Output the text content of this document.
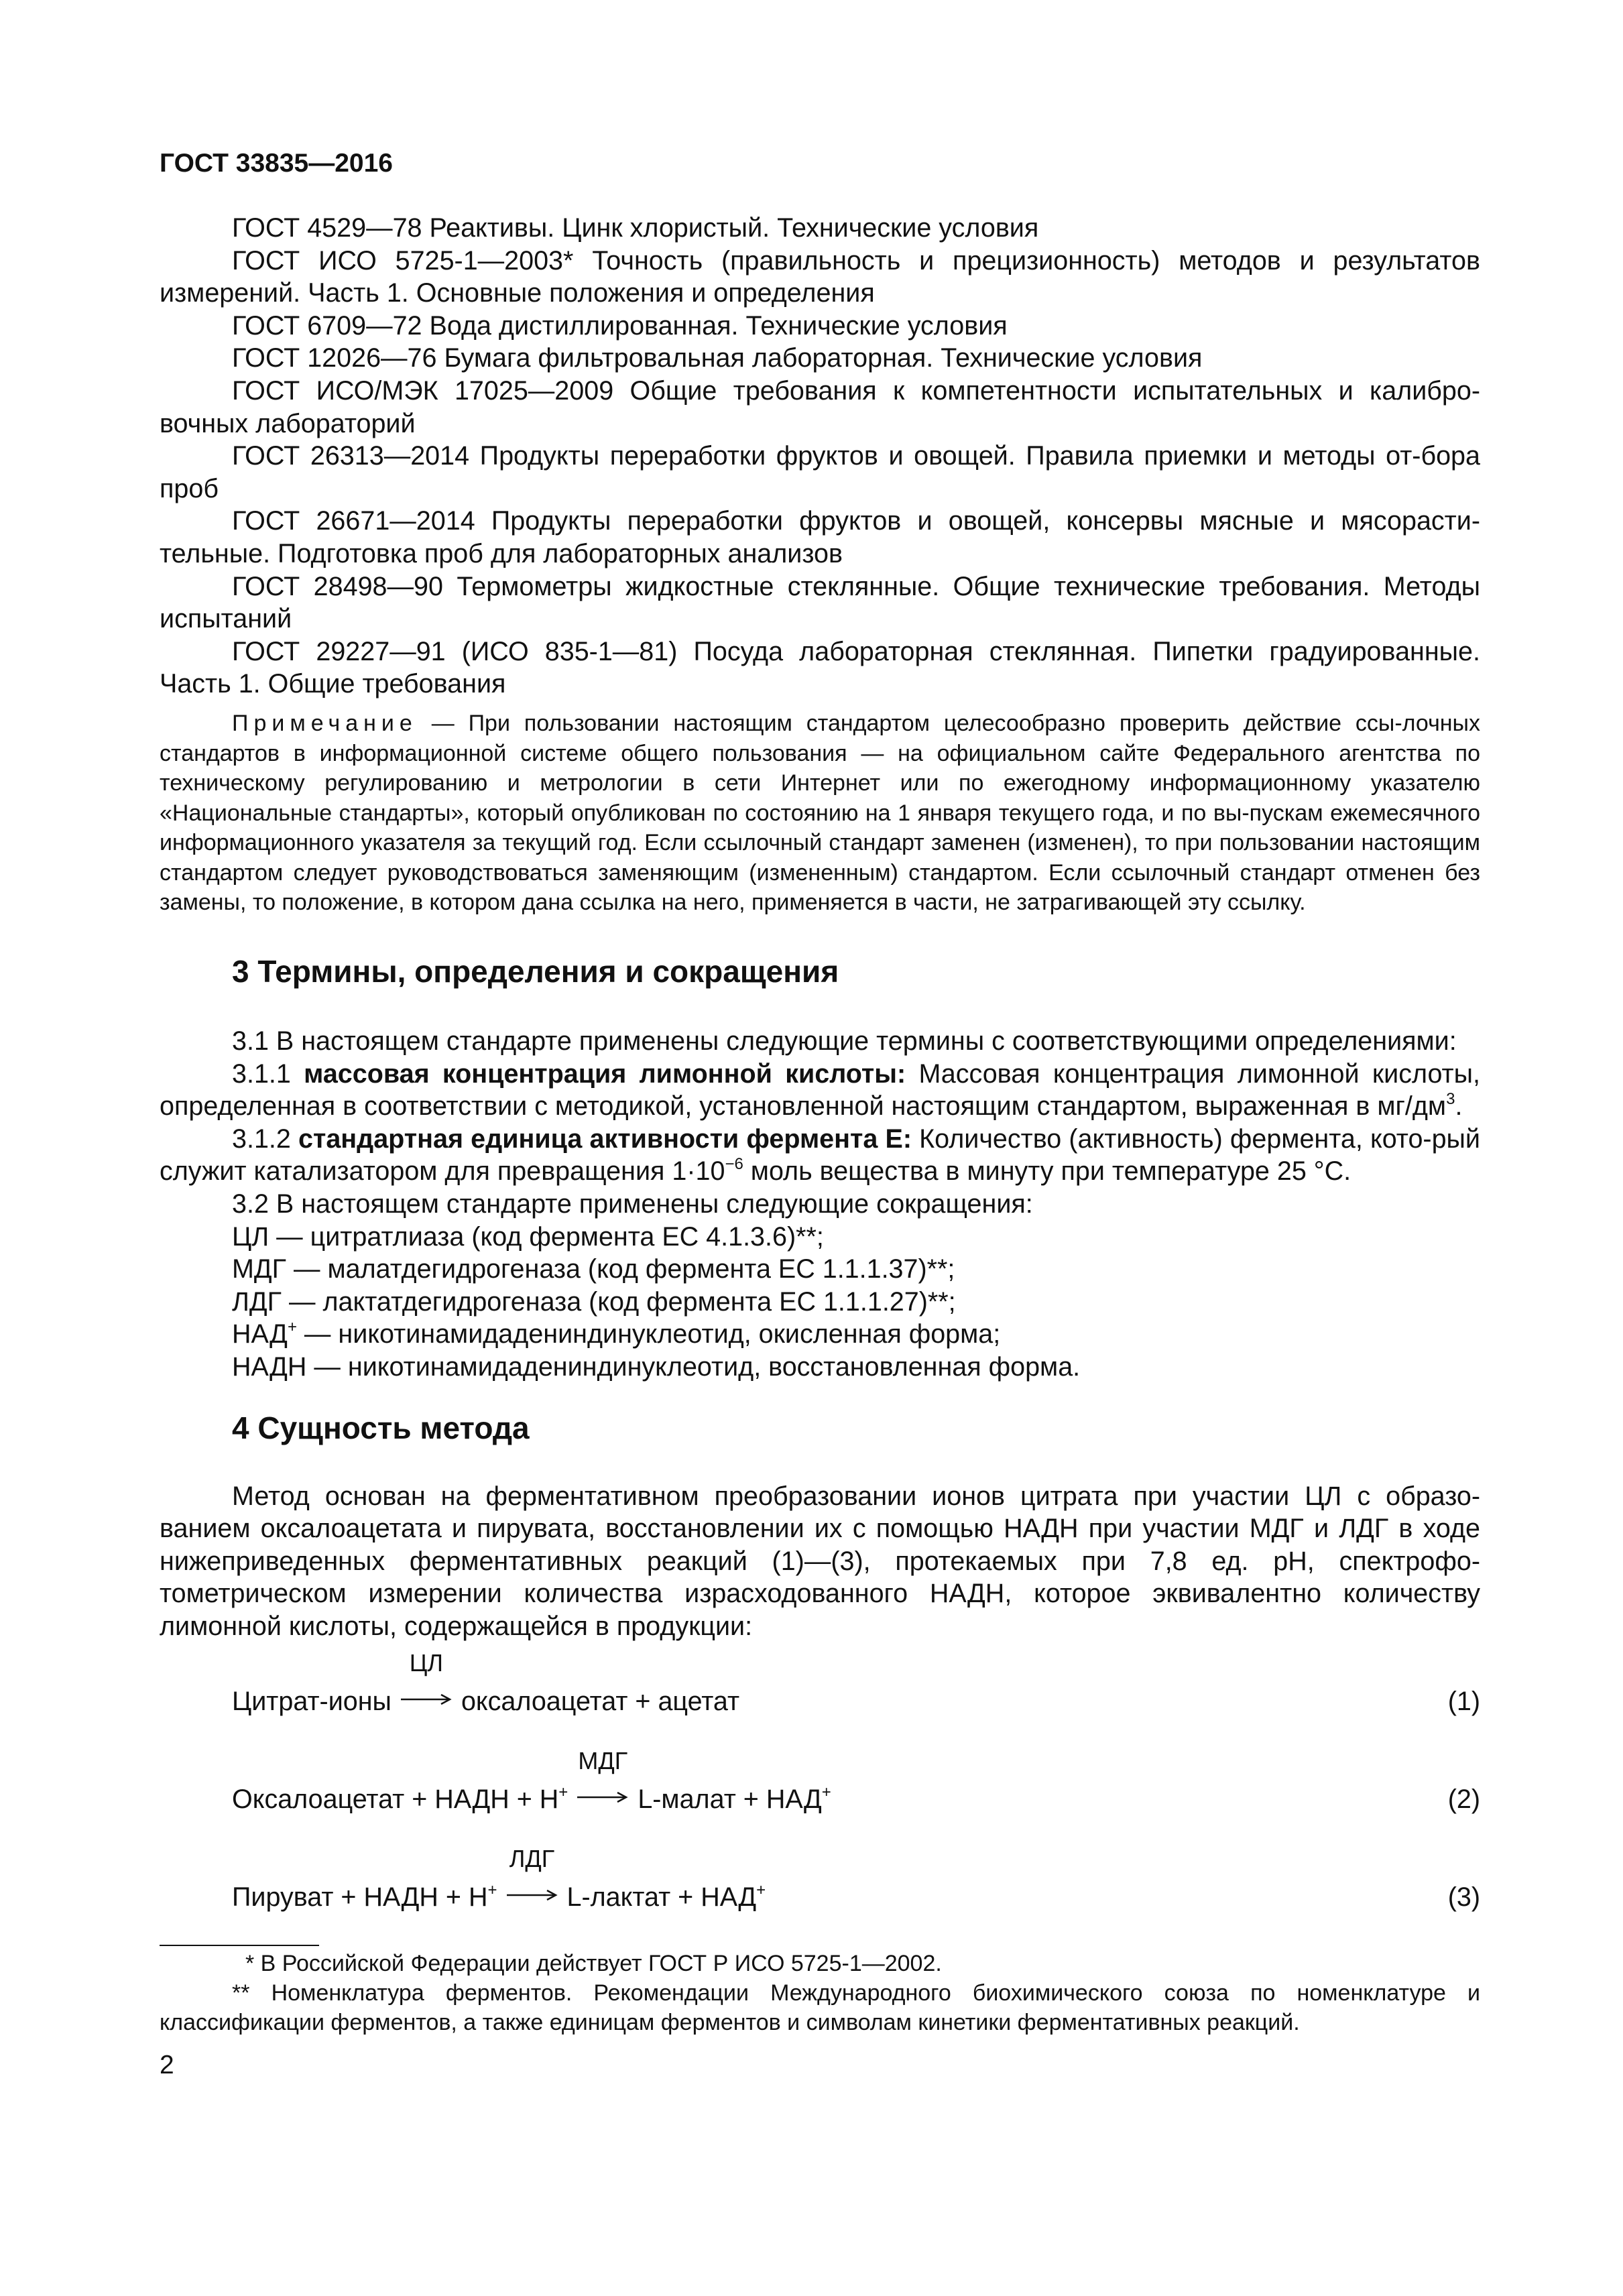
ГОСТ 33835—2016

ГОСТ 4529—78 Реактивы. Цинк хлористый. Технические условия

ГОСТ ИСО 5725-1—2003* Точность (правильность и прецизионность) методов и результатов измерений. Часть 1. Основные положения и определения

ГОСТ 6709—72 Вода дистиллированная. Технические условия

ГОСТ 12026—76 Бумага фильтровальная лабораторная. Технические условия

ГОСТ ИСО/МЭК 17025—2009 Общие требования к компетентности испытательных и калибро-вочных лабораторий

ГОСТ 26313—2014 Продукты переработки фруктов и овощей. Правила приемки и методы от-бора проб

ГОСТ 26671—2014 Продукты переработки фруктов и овощей, консервы мясные и мясорасти-тельные. Подготовка проб для лабораторных анализов

ГОСТ 28498—90 Термометры жидкостные стеклянные. Общие технические требования. Методы испытаний

ГОСТ 29227—91 (ИСО 835-1—81) Посуда лабораторная стеклянная. Пипетки градуированные. Часть 1. Общие требования

Примечание — При пользовании настоящим стандартом целесообразно проверить действие ссы-лочных стандартов в информационной системе общего пользования — на официальном сайте Федерального агентства по техническому регулированию и метрологии в сети Интернет или по ежегодному информационному указателю «Национальные стандарты», который опубликован по состоянию на 1 января текущего года, и по вы-пускам ежемесячного информационного указателя за текущий год. Если ссылочный стандарт заменен (изменен), то при пользовании настоящим стандартом следует руководствоваться заменяющим (измененным) стандартом. Если ссылочный стандарт отменен без замены, то положение, в котором дана ссылка на него, применяется в части, не затрагивающей эту ссылку.

3 Термины, определения и сокращения

3.1 В настоящем стандарте применены следующие термины с соответствующими определениями:

3.1.1 массовая концентрация лимонной кислоты: Массовая концентрация лимонной кислоты, определенная в соответствии с методикой, установленной настоящим стандартом, выраженная в $мг/дм^3$.

3.1.2 стандартная единица активности фермента E: Количество (активность) фермента, кото-рый служит катализатором для превращения $1\cdot 10^{-6}$ моль вещества в минуту при температуре 25 °C.

3.2 В настоящем стандарте применены следующие сокращения:

ЦЛ — цитратлиаза (код фермента EC 4.1.3.6)**;

МДГ — малатдегидрогеназа (код фермента EC 1.1.1.37)**;

ЛДГ — лактатдегидрогеназа (код фермента EC 1.1.1.27)**;

НАД+ — никотинамидадениндинуклеотид, окисленная форма;

НАДН — никотинамидадениндинуклеотид, восстановленная форма.

4 Сущность метода

Метод основан на ферментативном преобразовании ионов цитрата при участии ЦЛ с образо-ванием оксалоацетата и пирувата, восстановлении их с помощью НАДН при участии МДГ и ЛДГ в ходе нижеприведенных ферментативных реакций (1)—(3), протекаемых при 7,8 ед. pH, спектрофо-тометрическом измерении количества израсходованного НАДН, которое эквивалентно количеству лимонной кислоты, содержащейся в продукции:

Цитрат-ионы
ЦЛ
оксалоацетат + ацетат	(1)
Оксалоацетат + НАДН + Н+
МДГ
L-малат + НАД+	(2)
Пируват + НАДН + Н+
ЛДГ
L-лактат + НАД+	(3)

* В Российской Федерации действует ГОСТ Р ИСО 5725-1—2002.

** Номенклатура ферментов. Рекомендации Международного биохимического союза по номенклатуре и классификации ферментов, а также единицам ферментов и символам кинетики ферментативных реакций.

2
